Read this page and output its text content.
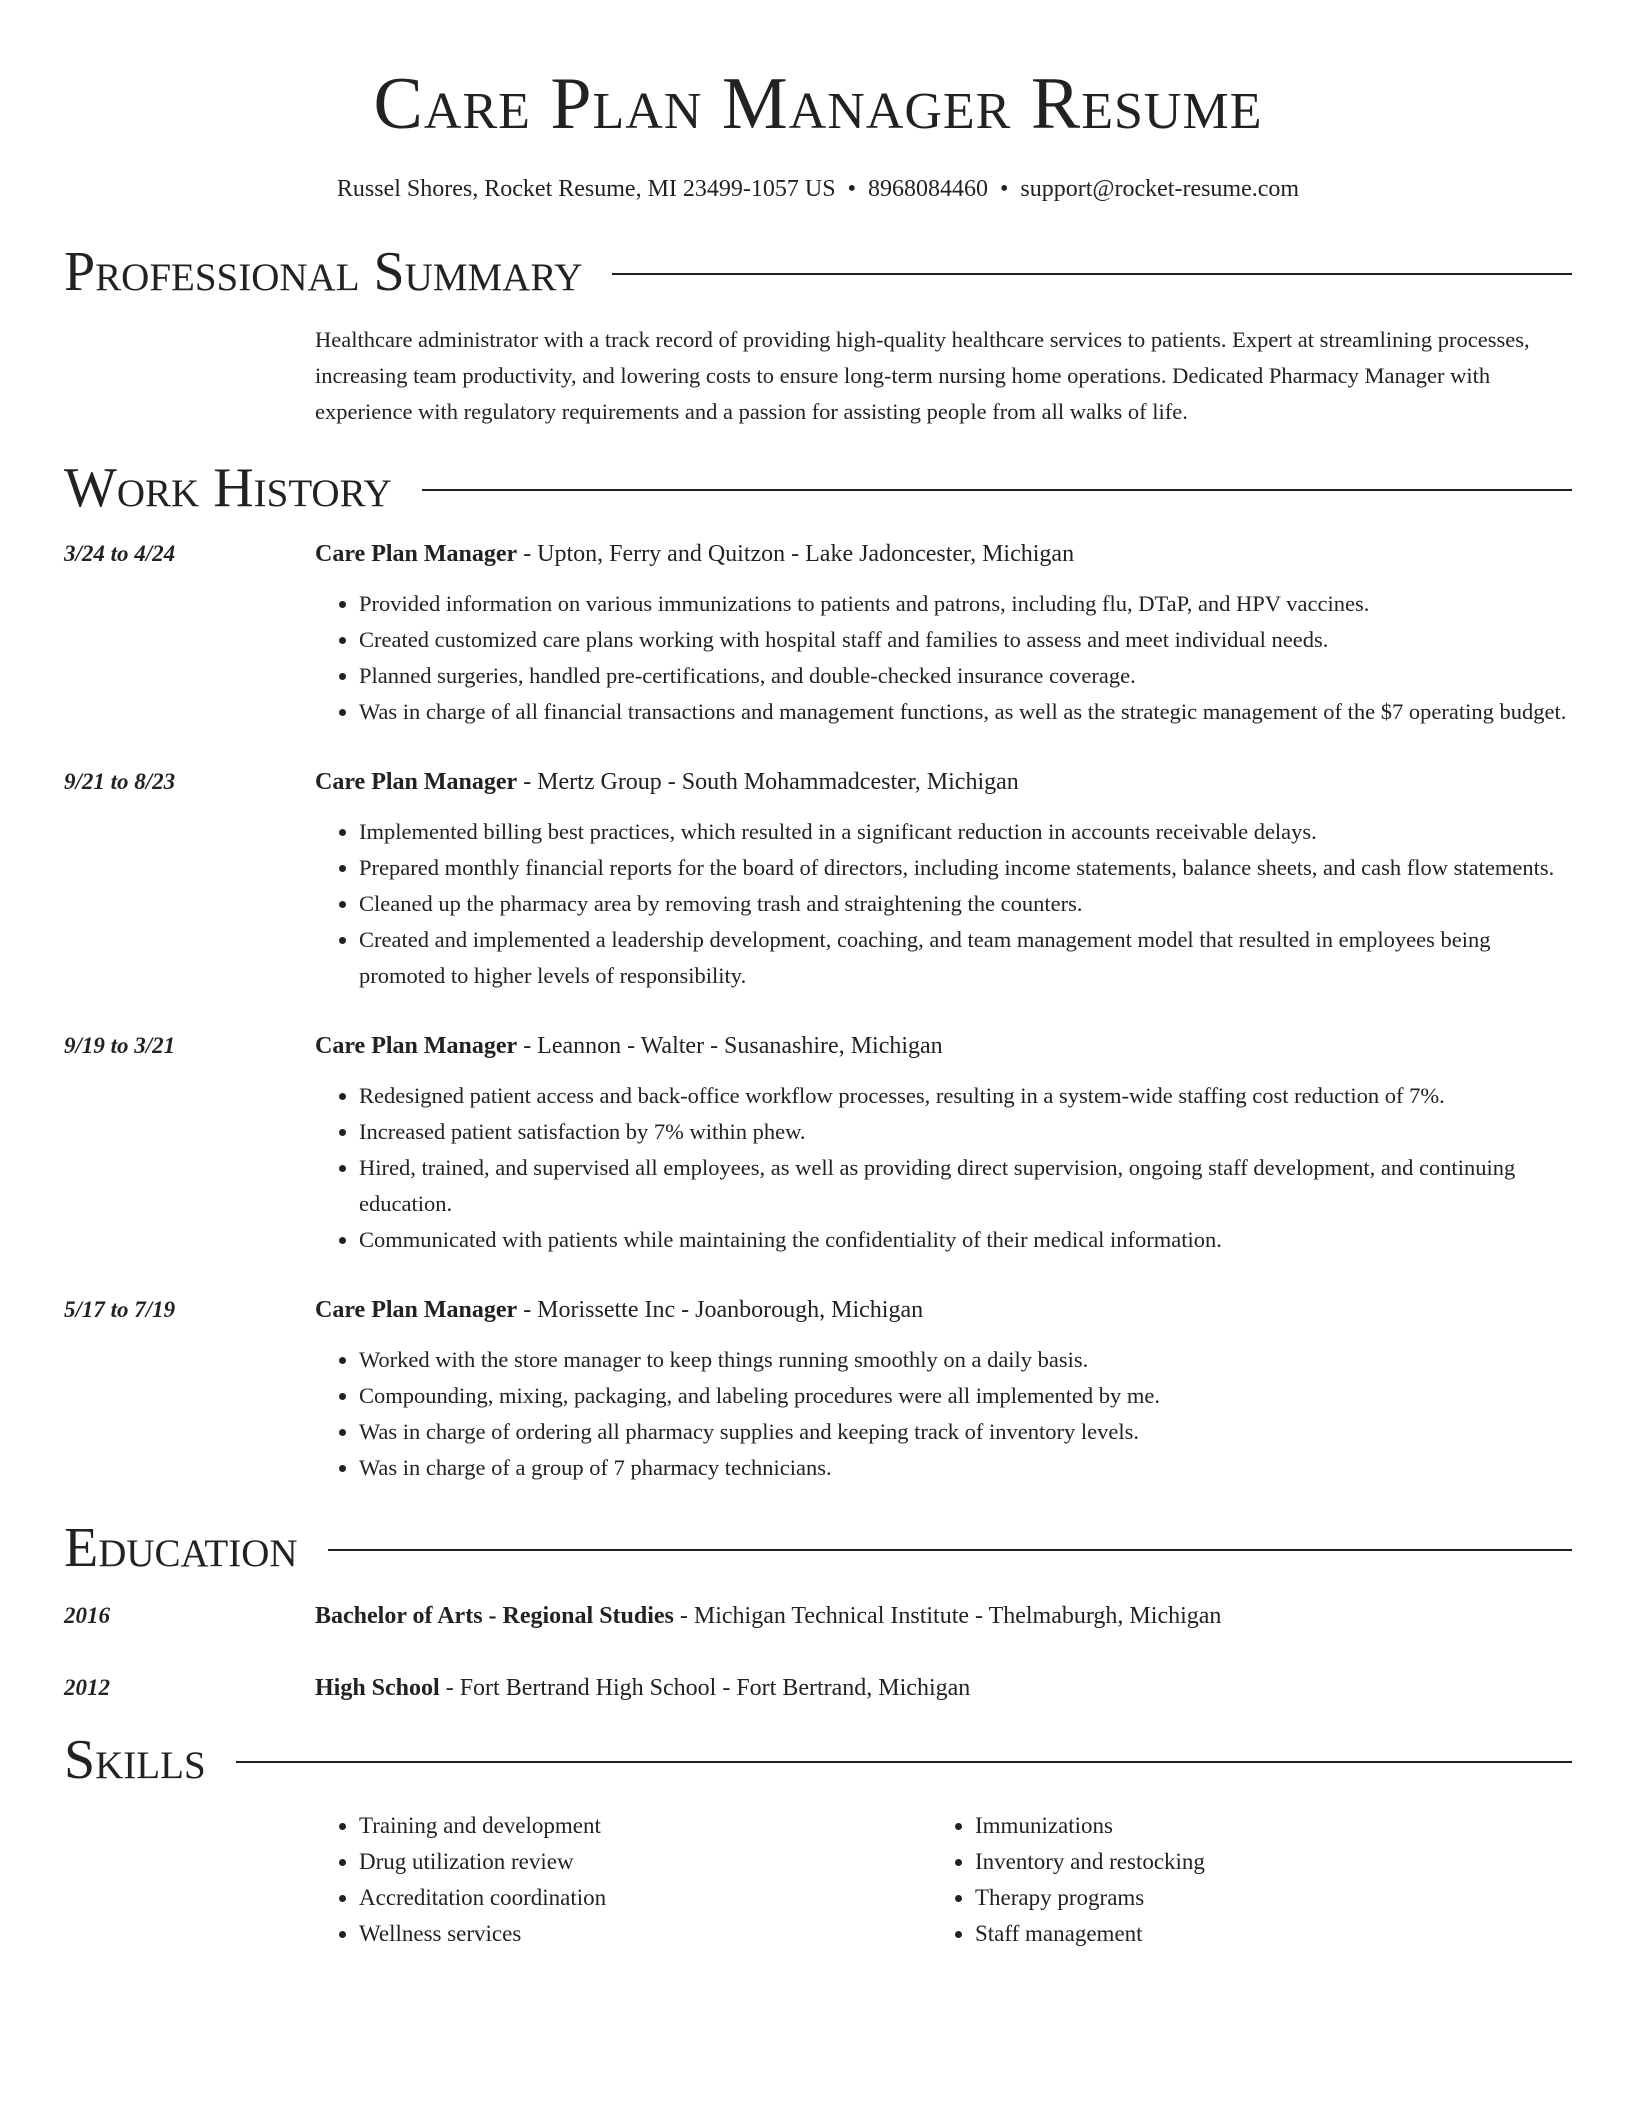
Care Plan Manager Resume
Russel Shores, Rocket Resume, MI 23499-1057 US • 8968084460 • support@rocket-resume.com
Professional Summary
Healthcare administrator with a track record of providing high-quality healthcare services to patients. Expert at streamlining processes, increasing team productivity, and lowering costs to ensure long-term nursing home operations. Dedicated Pharmacy Manager with experience with regulatory requirements and a passion for assisting people from all walks of life.
Work History
3/24 to 4/24	Care Plan Manager - Upton, Ferry and Quitzon - Lake Jadoncester, Michigan
• Provided information on various immunizations to patients and patrons, including flu, DTaP, and HPV vaccines.
• Created customized care plans working with hospital staff and families to assess and meet individual needs.
• Planned surgeries, handled pre-certifications, and double-checked insurance coverage.
• Was in charge of all financial transactions and management functions, as well as the strategic management of the $7 operating budget.
9/21 to 8/23	Care Plan Manager - Mertz Group - South Mohammadcester, Michigan
• Implemented billing best practices, which resulted in a significant reduction in accounts receivable delays.
• Prepared monthly financial reports for the board of directors, including income statements, balance sheets, and cash flow statements.
• Cleaned up the pharmacy area by removing trash and straightening the counters.
• Created and implemented a leadership development, coaching, and team management model that resulted in employees being promoted to higher levels of responsibility.
9/19 to 3/21	Care Plan Manager - Leannon - Walter - Susanashire, Michigan
• Redesigned patient access and back-office workflow processes, resulting in a system-wide staffing cost reduction of 7%.
• Increased patient satisfaction by 7% within phew.
• Hired, trained, and supervised all employees, as well as providing direct supervision, ongoing staff development, and continuing education.
• Communicated with patients while maintaining the confidentiality of their medical information.
5/17 to 7/19	Care Plan Manager - Morissette Inc - Joanborough, Michigan
• Worked with the store manager to keep things running smoothly on a daily basis.
• Compounding, mixing, packaging, and labeling procedures were all implemented by me.
• Was in charge of ordering all pharmacy supplies and keeping track of inventory levels.
• Was in charge of a group of 7 pharmacy technicians.
Education
2016	Bachelor of Arts - Regional Studies - Michigan Technical Institute - Thelmaburgh, Michigan
2012	High School - Fort Bertrand High School - Fort Bertrand, Michigan
Skills
• Training and development
• Drug utilization review
• Accreditation coordination
• Wellness services
• Immunizations
• Inventory and restocking
• Therapy programs
• Staff management
